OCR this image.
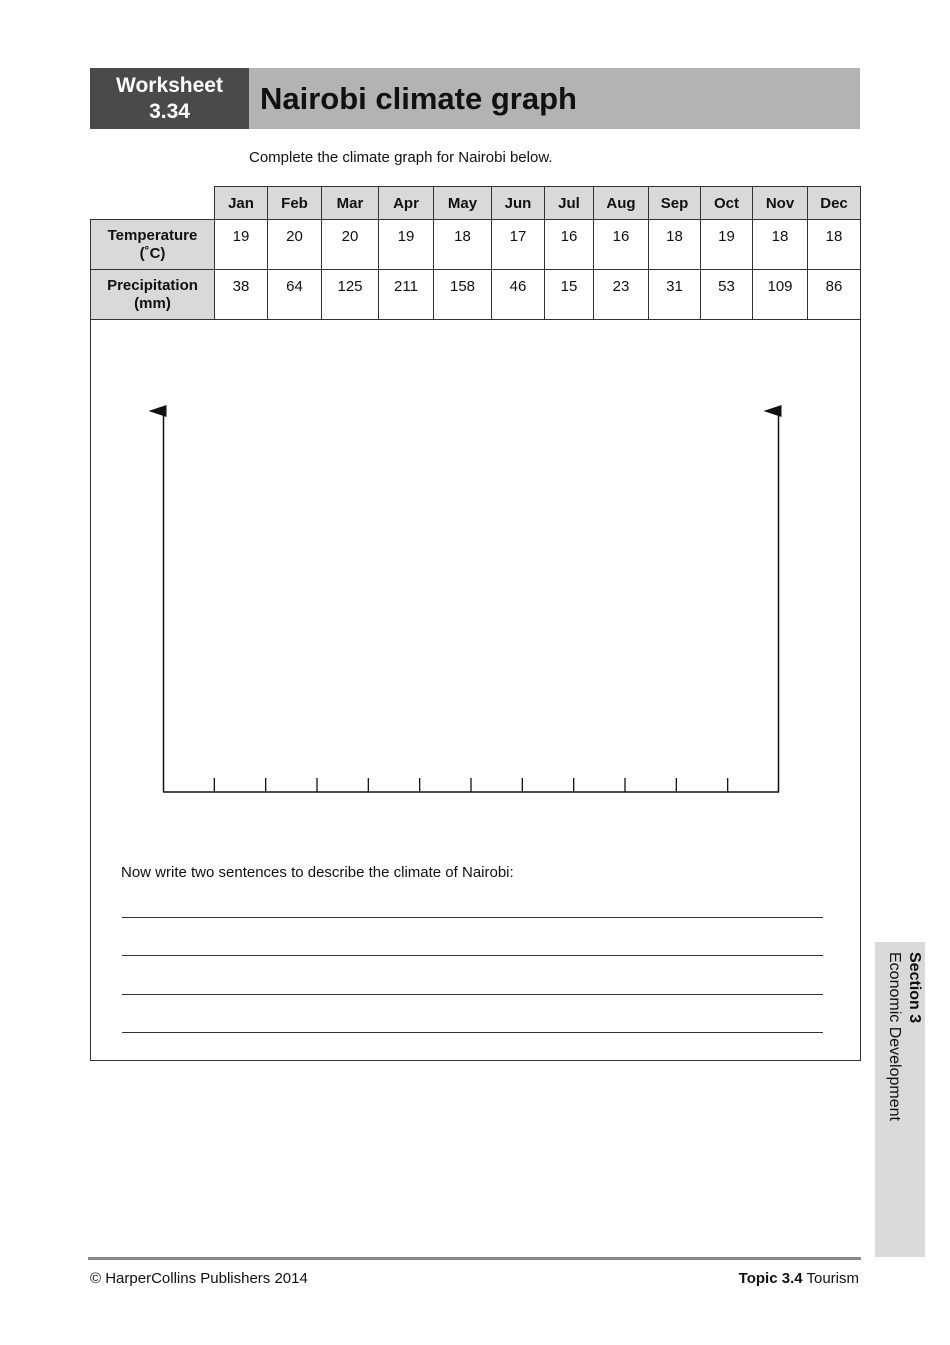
Worksheet
3.34	Nairobi climate graph
Complete the climate graph for Nairobi below.
	Jan	Feb	Mar	Apr	May	Jun	Jul	Aug	Sep	Oct	Nov	Dec

Temperature
(˚C)	19	20	20	19	18	17	16	16	18	19	18	18

Precipitation
(mm)	38	64	125	211	158	46	15	23	31	53	109	86
Now write two sentences to describe the climate of Nairobi:
Section 3
Economic Development
© HarperCollins Publishers 2014	Topic 3.4 Tourism
